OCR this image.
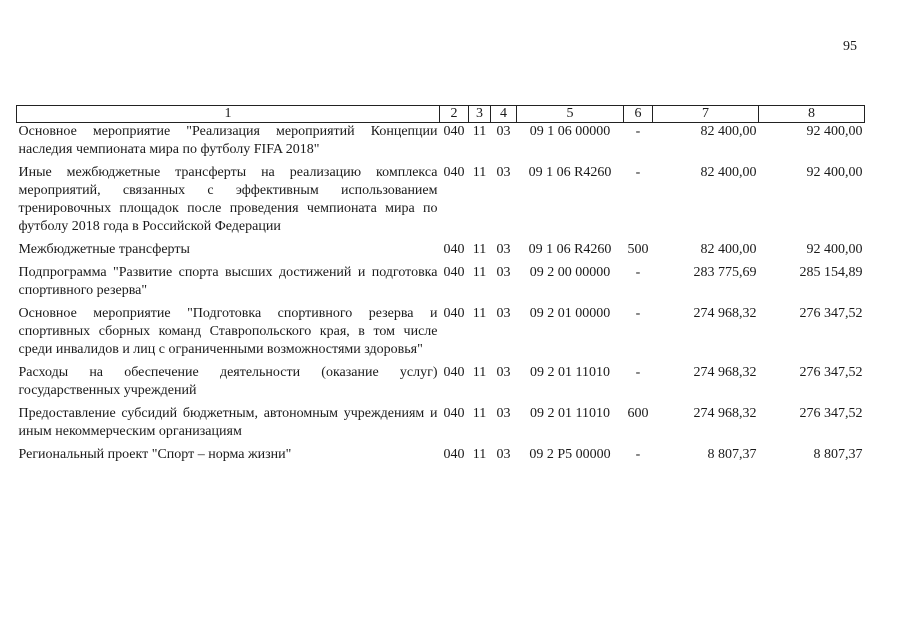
95
1	2	3	4	5	6	7	8
Основное мероприятие "Реализация мероприятий Концепции наследия чемпионата мира по футболу FIFA 2018"	040	11	03	09 1 06 00000	-	82 400,00	92 400,00
Иные межбюджетные трансферты на реализацию комплекса мероприятий, связанных с эффективным использованием тренировочных площадок после проведения чемпионата мира по футболу 2018 года в Российской Федерации	040	11	03	09 1 06 R4260	-	82 400,00	92 400,00
Межбюджетные трансферты	040	11	03	09 1 06 R4260	500	82 400,00	92 400,00
Подпрограмма "Развитие спорта высших достижений и подготовка спортивного резерва"	040	11	03	09 2 00 00000	-	283 775,69	285 154,89
Основное мероприятие "Подготовка спортивного резерва и спортивных сборных команд Ставропольского края, в том числе среди инвалидов и лиц с ограниченными возможностями здоровья"	040	11	03	09 2 01 00000	-	274 968,32	276 347,52
Расходы на обеспечение деятельности (оказание услуг) государственных учреждений	040	11	03	09 2 01 11010	-	274 968,32	276 347,52
Предоставление субсидий бюджетным, автономным учреждениям и иным некоммерческим организациям	040	11	03	09 2 01 11010	600	274 968,32	276 347,52
Региональный проект "Спорт – норма жизни"	040	11	03	09 2 P5 00000	-	8 807,37	8 807,37
